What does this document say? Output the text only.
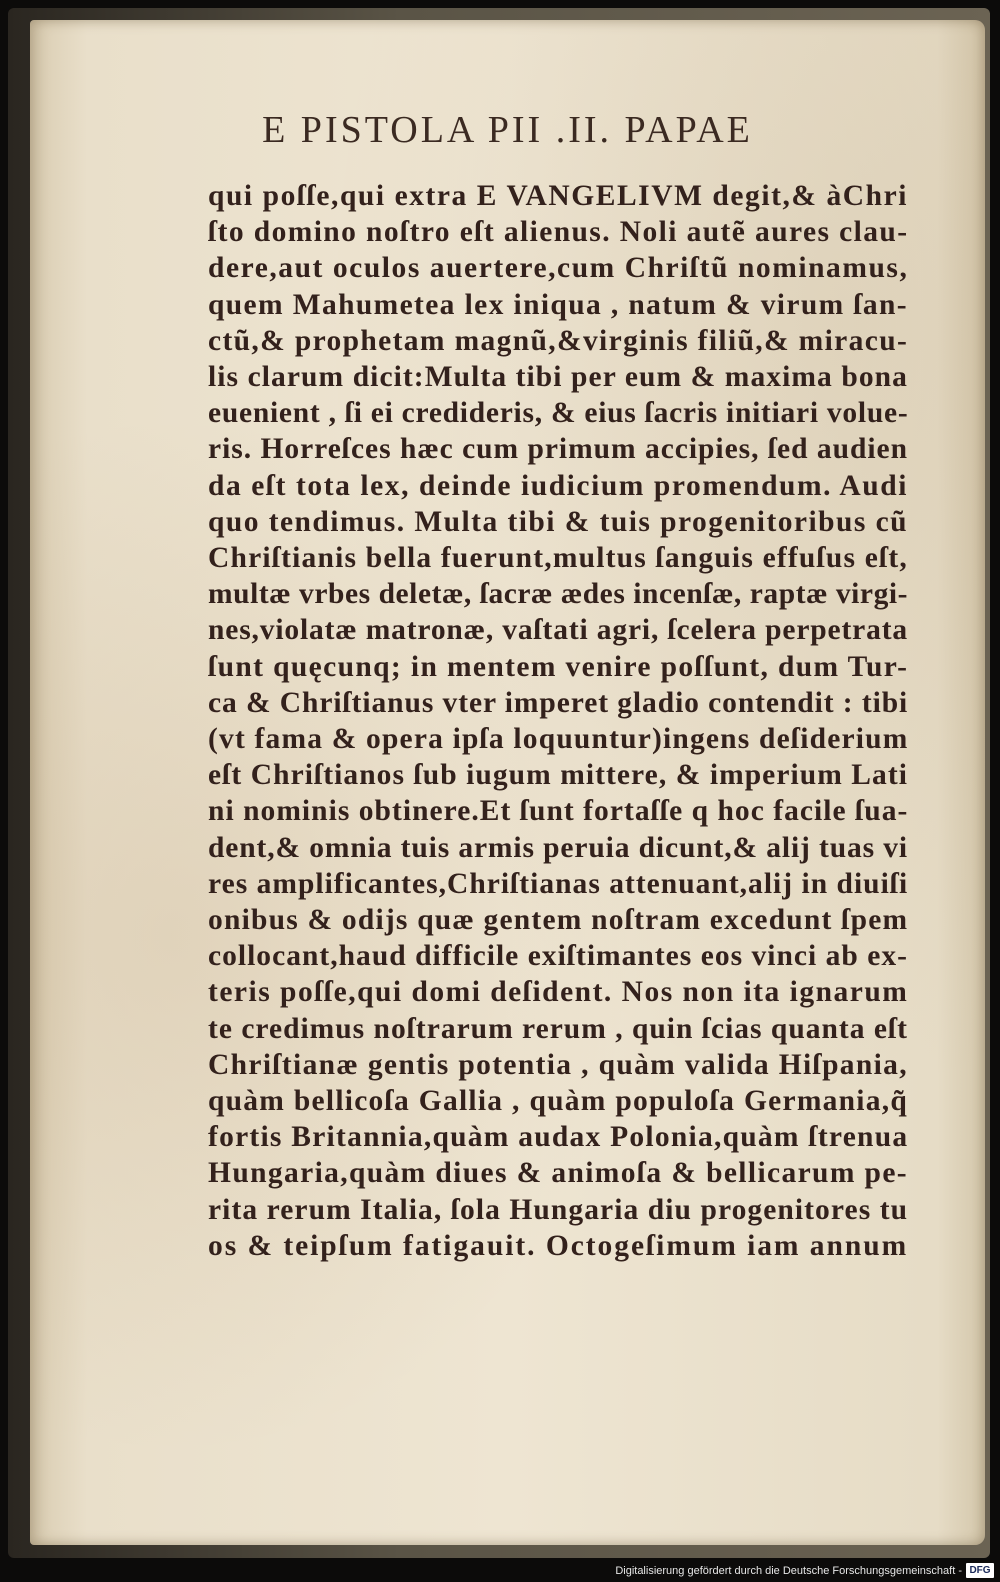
E PISTOLA PII .II. PAPAE
qui poſſe,qui extra E VANGELIVM degit,& àChri
ſto domino noſtro eſt alienus. Noli autẽ aures clau-
dere,aut oculos auertere,cum Chriſtũ nominamus,
quem Mahumetea lex iniqua , natum & virum ſan-
ctũ,& prophetam magnũ,&virginis filiũ,& miracu-
lis clarum dicit:Multa tibi per eum & maxima bona
euenient , ſi ei credideris, & eius ſacris initiari volue-
ris. Horreſces hæc cum primum accipies, ſed audien
da eſt tota lex, deinde iudicium promendum. Audi
quo tendimus. Multa tibi & tuis progenitoribus cũ
Chriſtianis bella fuerunt,multus ſanguis effuſus eſt,
multæ vrbes deletæ, ſacræ ædes incenſæ, raptæ virgi-
nes,violatæ matronæ, vaſtati agri, ſcelera perpetrata
ſunt quęcunq; in mentem venire poſſunt, dum Tur-
ca & Chriſtianus vter imperet gladio contendit : tibi
(vt fama & opera ipſa loquuntur)ingens deſiderium
eſt Chriſtianos ſub iugum mittere, & imperium Lati
ni nominis obtinere.Et ſunt fortaſſe q hoc facile ſua-
dent,& omnia tuis armis peruia dicunt,& alij tuas vi
res amplificantes,Chriſtianas attenuant,alij in diuiſi
onibus & odijs quæ gentem noſtram excedunt ſpem
collocant,haud difficile exiſtimantes eos vinci ab ex-
teris poſſe,qui domi deſident. Nos non ita ignarum
te credimus noſtrarum rerum , quin ſcias quanta eſt
Chriſtianæ gentis potentia , quàm valida Hiſpania,
quàm bellicoſa Gallia , quàm populoſa Germania,q̃
fortis Britannia,quàm audax Polonia,quàm ſtrenua
Hungaria,quàm diues & animoſa & bellicarum pe-
rita rerum Italia, ſola Hungaria diu progenitores tu
os & teipſum fatigauit. Octogeſimum iam annum
Digitalisierung gefördert durch die Deutsche Forschungsgemeinschaft - DFG
